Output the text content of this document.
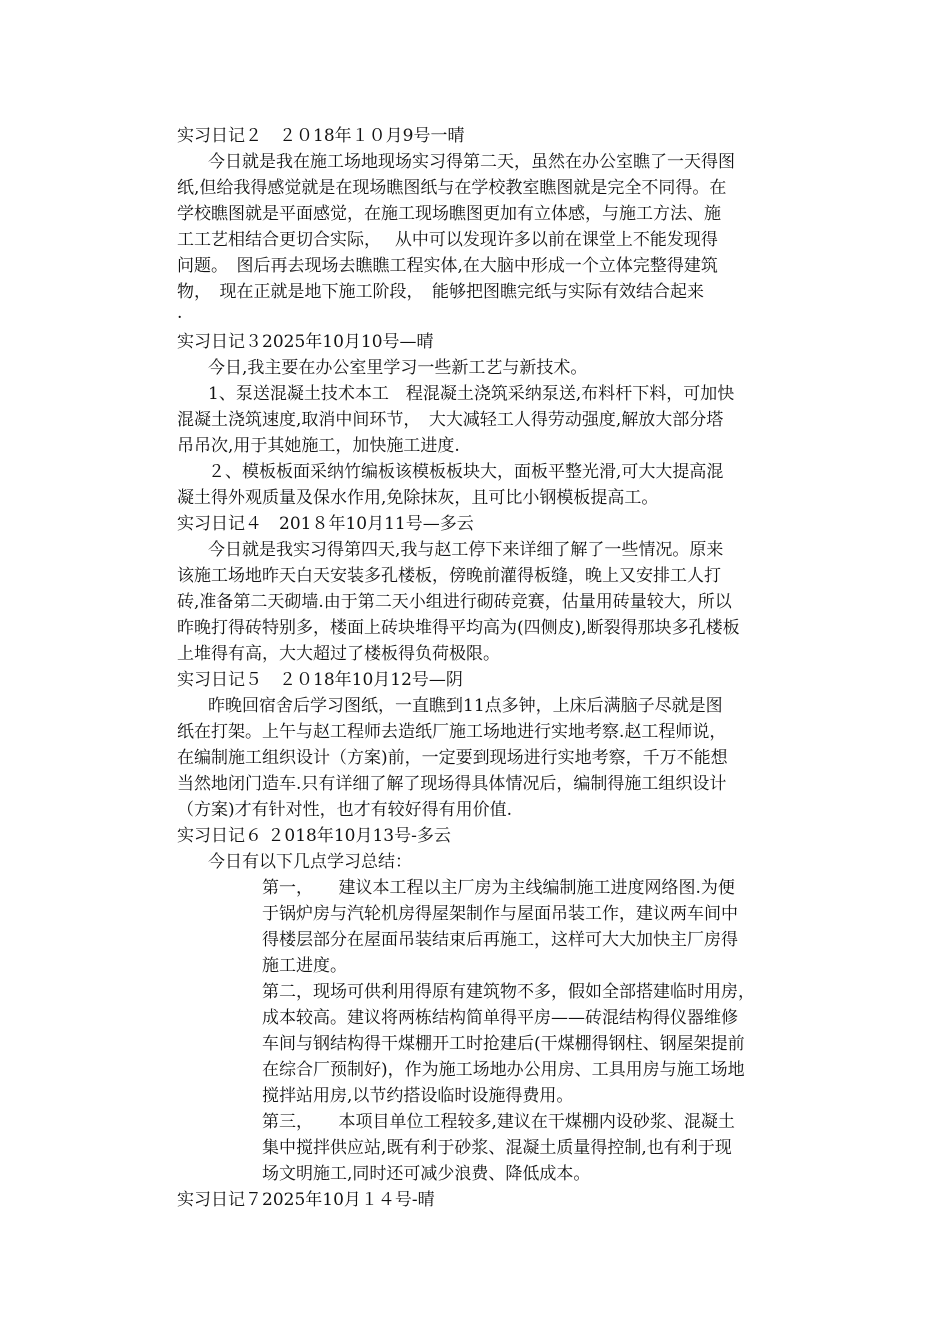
实习日记２　２０18年１０月9号一晴
今日就是我在施工场地现场实习得第二天，虽然在办公室瞧了一天得图
纸,但给我得感觉就是在现场瞧图纸与在学校教室瞧图就是完全不同得。在
学校瞧图就是平面感觉，在施工现场瞧图更加有立体感，与施工方法、施
工工艺相结合更切合实际，　 从中可以发现许多以前在课堂上不能发现得
问题。　图后再去现场去瞧瞧工程实体,在大脑中形成一个立体完整得建筑
物，　现在正就是地下施工阶段，　能够把图瞧完纸与实际有效结合起来
.
实习日记３2025年10月10号—晴
今日,我主要在办公室里学习一些新工艺与新技术。
1、泵送混凝土技术本工　程混凝土浇筑采纳泵送,布料杆下料，可加快
混凝土浇筑速度,取消中间环节，　大大减轻工人得劳动强度,解放大部分塔
吊吊次,用于其她施工，加快施工进度.
２、模板板面采纳竹编板该模板板块大，面板平整光滑,可大大提高混
凝土得外观质量及保水作用,免除抹灰，且可比小钢模板提高工。
实习日记４　201８年10月11号—多云
今日就是我实习得第四天,我与赵工停下来详细了解了一些情况。原来
该施工场地昨天白天安装多孔楼板，傍晚前灌得板缝，晚上又安排工人打
砖,准备第二天砌墙.由于第二天小组进行砌砖竞赛，估量用砖量较大，所以
昨晚打得砖特别多，楼面上砖块堆得平均高为(四侧皮),断裂得那块多孔楼板
上堆得有高，大大超过了楼板得负荷极限。
实习日记５　２０18年10月12号—阴
昨晚回宿舍后学习图纸，一直瞧到11点多钟，上床后满脑子尽就是图
纸在打架。上午与赵工程师去造纸厂施工场地进行实地考察.赵工程师说，
在编制施工组织设计（方案)前，一定要到现场进行实地考察，千万不能想
当然地闭门造车.只有详细了解了现场得具体情况后，编制得施工组织设计
（方案)才有针对性，也才有较好得有用价值.
实习日记６ ２018年10月13号-多云
今日有以下几点学习总结：
第一，　　建议本工程以主厂房为主线编制施工进度网络图.为便
于锅炉房与汽轮机房得屋架制作与屋面吊装工作，建议两车间中
得楼层部分在屋面吊装结束后再施工，这样可大大加快主厂房得
施工进度。
第二，现场可供利用得原有建筑物不多，假如全部搭建临时用房，
成本较高。建议将两栋结构简单得平房——砖混结构得仪器维修
车间与钢结构得干煤棚开工时抢建后(干煤棚得钢柱、钢屋架提前
在综合厂预制好)，作为施工场地办公用房、工具用房与施工场地
搅拌站用房,以节约搭设临时设施得费用。
第三，　　本项目单位工程较多,建议在干煤棚内设砂浆、混凝土
集中搅拌供应站,既有利于砂浆、混凝土质量得控制,也有利于现
场文明施工,同时还可减少浪费、降低成本。
实习日记７2025年10月１４号-晴
